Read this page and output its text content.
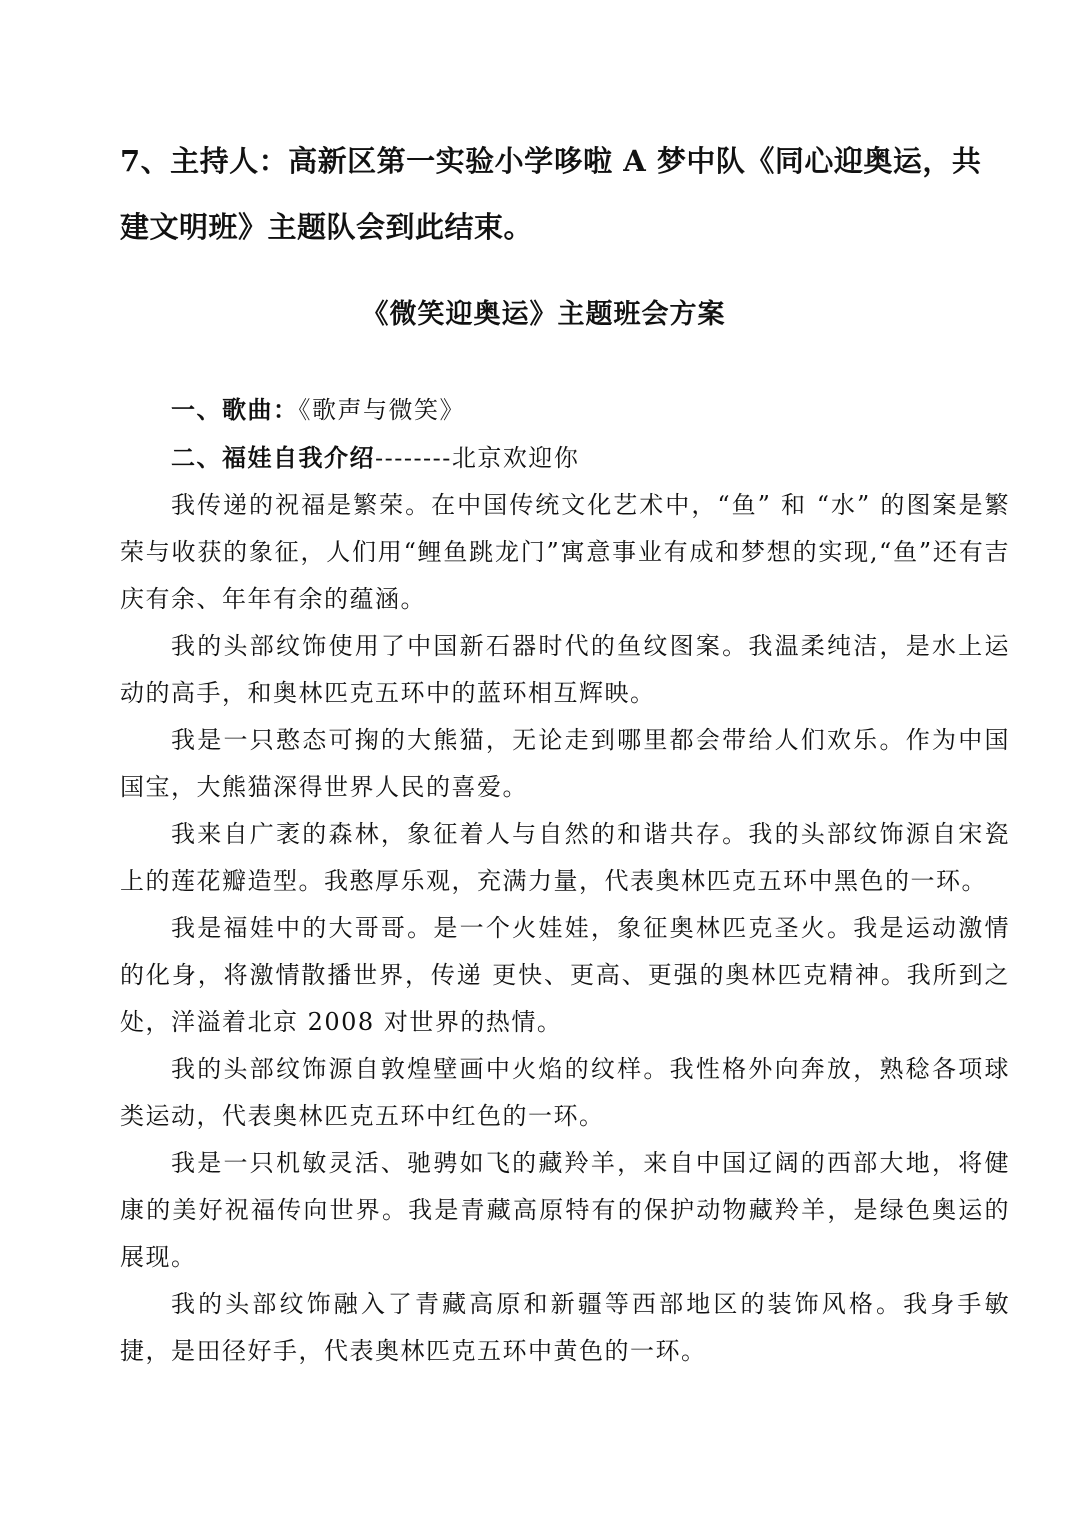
7、主持人：高新区第一实验小学哆啦 A 梦中队《同心迎奥运，共建文明班》主题队会到此结束。

《微笑迎奥运》主题班会方案

一、歌曲：《歌声与微笑》

二、福娃自我介绍--------北京欢迎你

我传递的祝福是繁荣。在中国传统文化艺术中，“鱼” 和 “水” 的图案是繁荣与收获的象征，人们用“鲤鱼跳龙门”寓意事业有成和梦想的实现,“鱼”还有吉庆有余、年年有余的蕴涵。

我的头部纹饰使用了中国新石器时代的鱼纹图案。我温柔纯洁，是水上运动的高手，和奥林匹克五环中的蓝环相互辉映。

我是一只憨态可掬的大熊猫，无论走到哪里都会带给人们欢乐。作为中国国宝，大熊猫深得世界人民的喜爱。

我来自广袤的森林，象征着人与自然的和谐共存。我的头部纹饰源自宋瓷上的莲花瓣造型。我憨厚乐观，充满力量，代表奥林匹克五环中黑色的一环。

我是福娃中的大哥哥。是一个火娃娃，象征奥林匹克圣火。我是运动激情的化身，将激情散播世界，传递 更快、更高、更强的奥林匹克精神。我所到之处，洋溢着北京 2008 对世界的热情。

我的头部纹饰源自敦煌壁画中火焰的纹样。我性格外向奔放，熟稔各项球类运动，代表奥林匹克五环中红色的一环。

我是一只机敏灵活、驰骋如飞的藏羚羊，来自中国辽阔的西部大地，将健康的美好祝福传向世界。我是青藏高原特有的保护动物藏羚羊，是绿色奥运的展现。

我的头部纹饰融入了青藏高原和新疆等西部地区的装饰风格。我身手敏捷，是田径好手，代表奥林匹克五环中黄色的一环。
